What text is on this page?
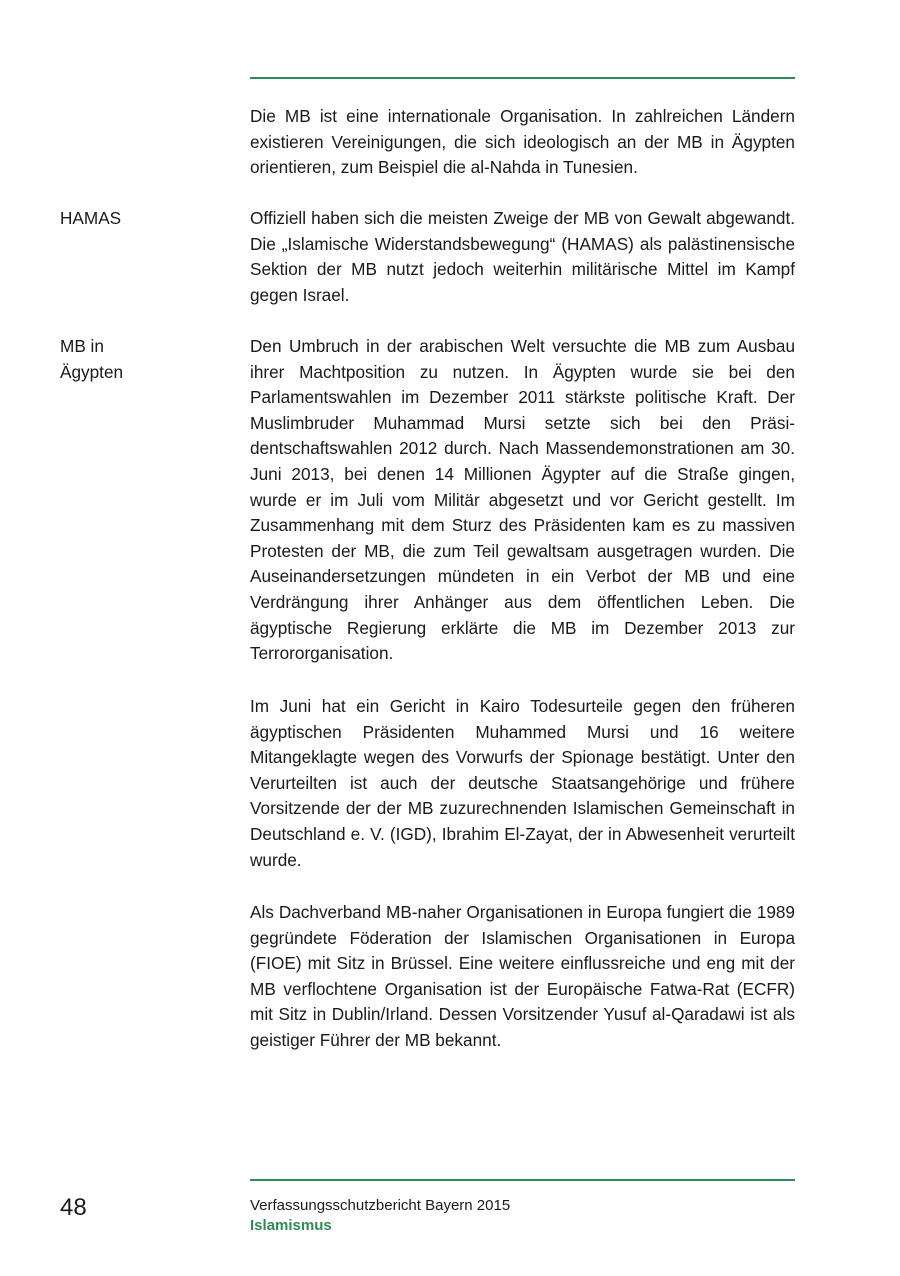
Die MB ist eine internationale Organisation. In zahlreichen Ländern existieren Vereinigungen, die sich ideologisch an der MB in Ägypten orientieren, zum Beispiel die al-Nahda in Tunesien.

HAMAS	Offiziell haben sich die meisten Zweige der MB von Gewalt abgewandt. Die „Islamische Widerstandsbewegung“ (HAMAS) als palästinensische Sektion der MB nutzt jedoch weiterhin militärische Mittel im Kampf gegen Israel.

MB in Ägypten

Den Umbruch in der arabischen Welt versuchte die MB zum Ausbau ihrer Machtposition zu nutzen. In Ägypten wurde sie bei den Parlamentswahlen im Dezember 2011 stärkste politische Kraft. Der Muslimbruder Muhammad Mursi setzte sich bei den Präsidentschaftswahlen 2012 durch. Nach Massendemonstrationen am 30. Juni 2013, bei denen 14 Millionen Ägypter auf die Straße gingen, wurde er im Juli vom Militär abgesetzt und vor Gericht gestellt. Im Zusammenhang mit dem Sturz des Präsidenten kam es zu massiven Protesten der MB, die zum Teil gewaltsam ausgetragen wurden. Die Auseinandersetzungen mündeten in ein Verbot der MB und eine Verdrängung ihrer Anhänger aus dem öffentlichen Leben. Die ägyptische Regierung erklärte die MB im Dezember 2013 zur Terrororganisation.

Im Juni hat ein Gericht in Kairo Todesurteile gegen den früheren ägyptischen Präsidenten Muhammed Mursi und 16 weitere Mitangeklagte wegen des Vorwurfs der Spionage bestätigt. Unter den Verurteilten ist auch der deutsche Staatsangehörige und frühere Vorsitzende der der MB zuzurechnenden Islamischen Gemeinschaft in Deutschland e. V. (IGD), Ibrahim El-Zayat, der in Abwesenheit verurteilt wurde.

Als Dachverband MB-naher Organisationen in Europa fungiert die 1989 gegründete Föderation der Islamischen Organisationen in Europa (FIOE) mit Sitz in Brüssel. Eine weitere einflussreiche und eng mit der MB verflochtene Organisation ist der Europäische Fatwa-Rat (ECFR) mit Sitz in Dublin/Irland. Dessen Vorsitzender Yusuf al-Qaradawi ist als geistiger Führer der MB bekannt.

48	Verfassungsschutzbericht Bayern 2015
Islamismus
